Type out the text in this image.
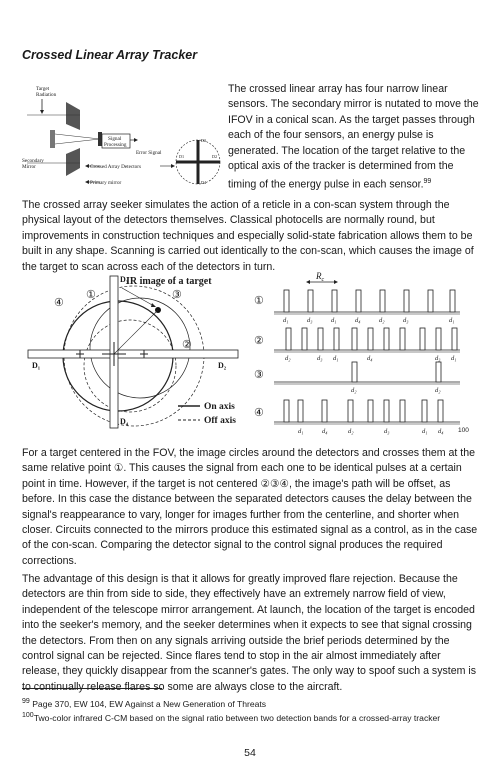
Crossed Linear Array Tracker
Target
Radiation
Secondary
Mirror
Signal
Processing
Error Signal
Crossed Array Detectors
Primary mirror
D3
D1	D2
D4
The crossed linear array has four narrow linear sensors. The secondary mirror is nutated to move the IFOV in a conical scan. As the target passes through each of the four sensors, an energy pulse is generated. The location of the target relative to the optical axis of the tracker is determined from the timing of the energy pulse in each sensor.$^{99}$
The crossed array seeker simulates the action of a reticle in a con-scan system through the physical layout of the detectors themselves. Classical photocells are normally round, but improvements in construction techniques and especially solid-state fabrication allows them to be built in any shape. Scanning is carried out identically to the con-scan, which causes the image of the target to scan across each of the detectors in turn.
IR image of a target
D₃
D₁	D₂
D₄
④
①	③
②
On axis
Off axis
$R_c$
①
②
③
④
d₁	d₃	d₁	d₄	d₂	d₃	d₁
d₂	d₃ d₁	d₄	d₃ d₁
d₂	d₂
d₁	d₄	d₂	d₃	d₁ d₄ 100
For a target centered in the FOV, the image circles around the detectors and crosses them at the same relative point ①. This causes the signal from each one to be identical pulses at a certain point in time. However, if the target is not centered ②③④, the image's path will be offset, as before. In this case the distance between the separated detectors causes the delay between the signal's reappearance to vary, longer for images further from the centerline, and shorter when closer. Circuits connected to the mirrors produce this estimated signal as a control, as in the case of the con-scan. Comparing the detector signal to the control signal produces the required corrections.
The advantage of this design is that it allows for greatly improved flare rejection. Because the detectors are thin from side to side, they effectively have an extremely narrow field of view, independent of the telescope mirror arrangement. At launch, the location of the target is encoded into the seeker's memory, and the seeker determines when it expects to see that signal crossing the detectors. From then on any signals arriving outside the brief periods determined by the control signal can be rejected. Since flares tend to stop in the air almost immediately after release, they quickly disappear from the scanner's gates. The only way to spoof such a system is to continually release flares so some are always close to the aircraft.
$^{99}$ Page 370, EW 104, EW Against a New Generation of Threats
$^{100}$Two-color infrared C-CM based on the signal ratio between two detection bands for a crossed-array tracker
54
